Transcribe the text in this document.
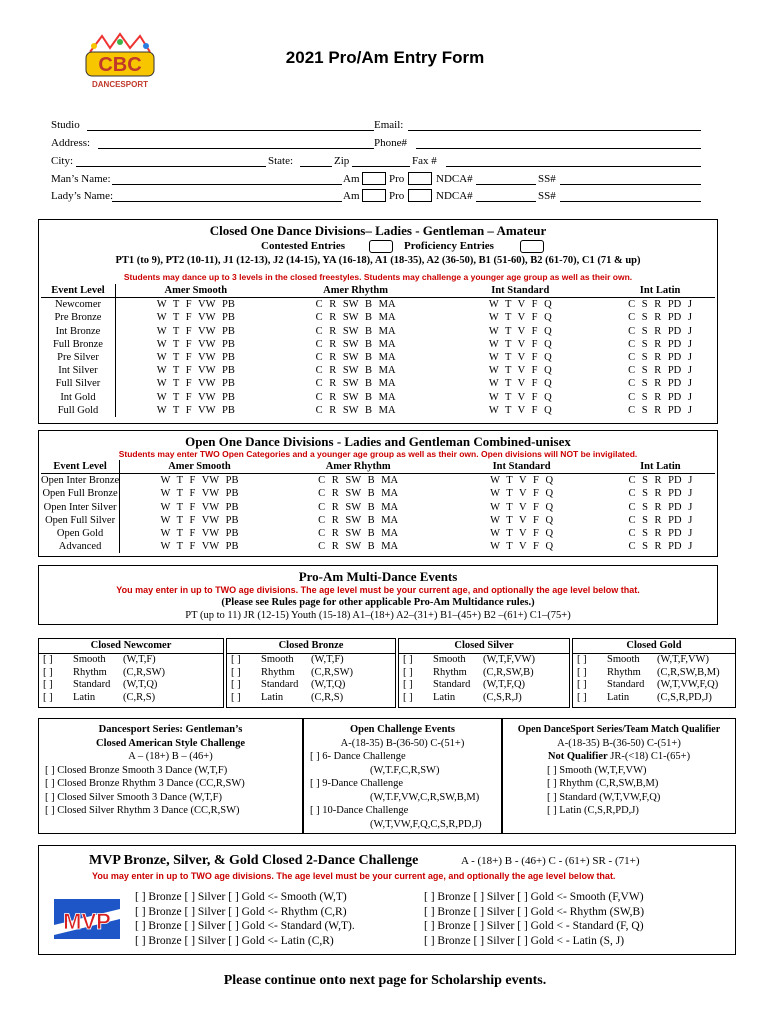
CBC
DANCESPORT
2021 Pro/Am Entry Form
Studio	Email:
Address:	Phone#
City:	State:	Zip	Fax #
Man’s Name:	Am	Pro	NDCA#	SS#
Lady’s Name:	Am	Pro	NDCA#	SS#
Closed One Dance Divisions– Ladies - Gentleman – Amateur
Contested Entries	Proficiency Entries
PT1 (to 9), PT2 (10-11), J1 (12-13), J2 (14-15), YA (16-18), A1 (18-35), A2 (36-50), B1 (51-60), B2 (61-70), C1 (71 & up)
Students may dance up to 3 levels in the closed freestyles. Students may challenge a younger age group as well as their own.
Event Level	Amer Smooth	Amer Rhythm	Int Standard	Int Latin
Newcomer	W T F VW PB	C R SW B MA	W T V F Q	C S R PD J
Pre Bronze	W T F VW PB	C R SW B MA	W T V F Q	C S R PD J
Int Bronze	W T F VW PB	C R SW B MA	W T V F Q	C S R PD J
Full Bronze	W T F VW PB	C R SW B MA	W T V F Q	C S R PD J
Pre Silver	W T F VW PB	C R SW B MA	W T V F Q	C S R PD J
Int Silver	W T F VW PB	C R SW B MA	W T V F Q	C S R PD J
Full Silver	W T F VW PB	C R SW B MA	W T V F Q	C S R PD J
Int Gold	W T F VW PB	C R SW B MA	W T V F Q	C S R PD J
Full Gold	W T F VW PB	C R SW B MA	W T V F Q	C S R PD J
Open One Dance Divisions - Ladies and Gentleman Combined-unisex
Students may enter TWO Open Categories and a younger age group as well as their own. Open divisions will NOT be invigilated.
Event Level	Amer Smooth	Amer Rhythm	Int Standard	Int Latin
Open Inter Bronze	W T F VW PB	C R SW B MA	W T V F Q	C S R PD J
Open Full Bronze	W T F VW PB	C R SW B MA	W T V F Q	C S R PD J
Open Inter Silver	W T F VW PB	C R SW B MA	W T V F Q	C S R PD J
Open Full Silver	W T F VW PB	C R SW B MA	W T V F Q	C S R PD J
Open Gold	W T F VW PB	C R SW B MA	W T V F Q	C S R PD J
Advanced	W T F VW PB	C R SW B MA	W T V F Q	C S R PD J
Pro-Am Multi-Dance Events
You may enter in up to TWO age divisions. The age level must be your current age, and optionally the age level below that.
(Please see Rules page for other applicable Pro-Am Multidance rules.)
PT (up to 11) JR (12-15) Youth (15-18) A1–(18+) A2–(31+) B1–(45+) B2 –(61+) C1–(75+)
Closed Newcomer
[ ]	Smooth	(W,T,F)
[ ]	Rhythm	(C,R,SW)
[ ]	Standard	(W,T,Q)
[ ]	Latin	(C,R,S)
Closed Bronze
[ ]	Smooth	(W,T,F)
[ ]	Rhythm	(C,R,SW)
[ ]	Standard	(W,T,Q)
[ ]	Latin	(C,R,S)
Closed Silver
[ ]	Smooth	(W,T,F,VW)
[ ]	Rhythm	(C,R,SW,B)
[ ]	Standard	(W,T,F,Q)
[ ]	Latin	(C,S,R,J)
Closed Gold
[ ]	Smooth	(W,T,F,VW)
[ ]	Rhythm	(C,R,SW,B,M)
[ ]	Standard	(W,T,VW,F,Q)
[ ]	Latin	(C,S,R,PD,J)
Dancesport Series: Gentleman’s
Closed American Style Challenge
A – (18+) B – (46+)
[ ] Closed Bronze Smooth 3 Dance (W,T,F)
[ ] Closed Bronze Rhythm 3 Dance (CC,R,SW)
[ ] Closed Silver Smooth 3 Dance (W,T,F)
[ ] Closed Silver Rhythm 3 Dance (CC,R,SW)
Open Challenge Events
A-(18-35) B-(36-50) C-(51+)
[ ] 6- Dance Challenge
(W,T.F,C,R,SW)
[ ] 9-Dance Challenge
(W,T.F,VW,C,R,SW,B,M)
[ ] 10-Dance Challenge
(W,T,VW,F,Q,C,S,R,PD,J)
Open DanceSport Series/Team Match Qualifier
A-(18-35) B-(36-50) C-(51+)
Not Qualifier JR-(<18) C1-(65+)
[ ] Smooth (W,T,F,VW)
[ ] Rhythm (C,R,SW,B,M)
[ ] Standard (W,T,VW,F,Q)
[ ] Latin (C,S,R,PD,J)
MVP Bronze, Silver, & Gold Closed 2-Dance Challenge	A - (18+) B - (46+) C - (61+) SR - (71+)
You may enter in up to TWO age divisions. The age level must be your current age, and optionally the age level below that.
[ ] Bronze [ ] Silver [ ] Gold <- Smooth (W,T)
[ ] Bronze [ ] Silver [ ] Gold <- Rhythm (C,R)
[ ] Bronze [ ] Silver [ ] Gold <- Standard (W,T).
[ ] Bronze [ ] Silver [ ] Gold <- Latin (C,R)
[ ] Bronze [ ] Silver [ ] Gold <- Smooth (F,VW)
[ ] Bronze [ ] Silver [ ] Gold <- Rhythm (SW,B)
[ ] Bronze [ ] Silver [ ] Gold < - Standard (F, Q)
[ ] Bronze [ ] Silver [ ] Gold < - Latin (S, J)
MVP
Please continue onto next page for Scholarship events.
